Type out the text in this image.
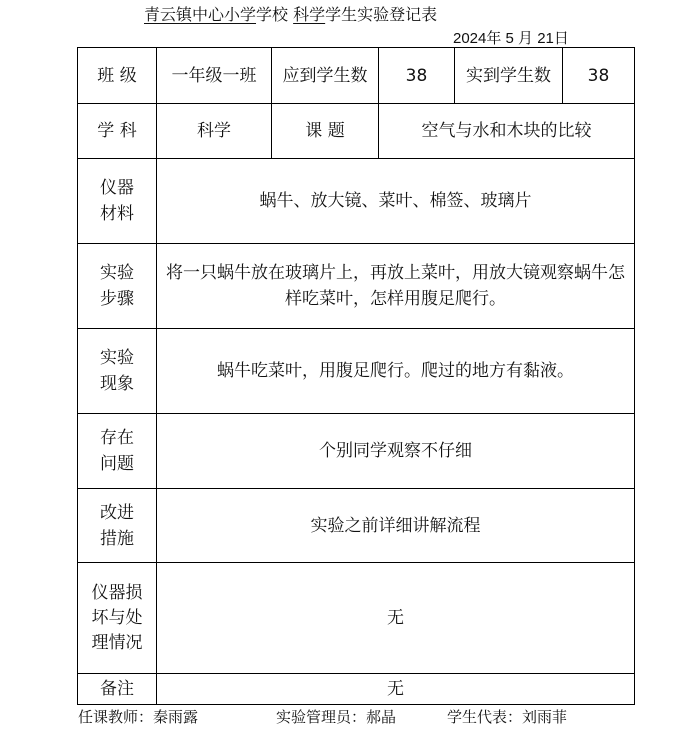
青云镇中心小学学校 科学学生实验登记表
2024年 5 月 21日
班 级	一年级一班	应到学生数	38	实到学生数	38
学 科	科学	课 题	空气与水和木块的比较		
仪器材料	蜗牛、放大镜、菜叶、棉签、玻璃片				
实验步骤	将一只蜗牛放在玻璃片上，再放上菜叶，用放大镜观察蜗牛怎样吃菜叶，怎样用腹足爬行。				
实验现象	蜗牛吃菜叶，用腹足爬行。爬过的地方有黏液。				
存在问题	个别同学观察不仔细				
改进措施	实验之前详细讲解流程				
仪器损坏与处理情况	无				
备注	无				
任课教师：秦雨露	实验管理员：郝晶	学生代表：刘雨菲
